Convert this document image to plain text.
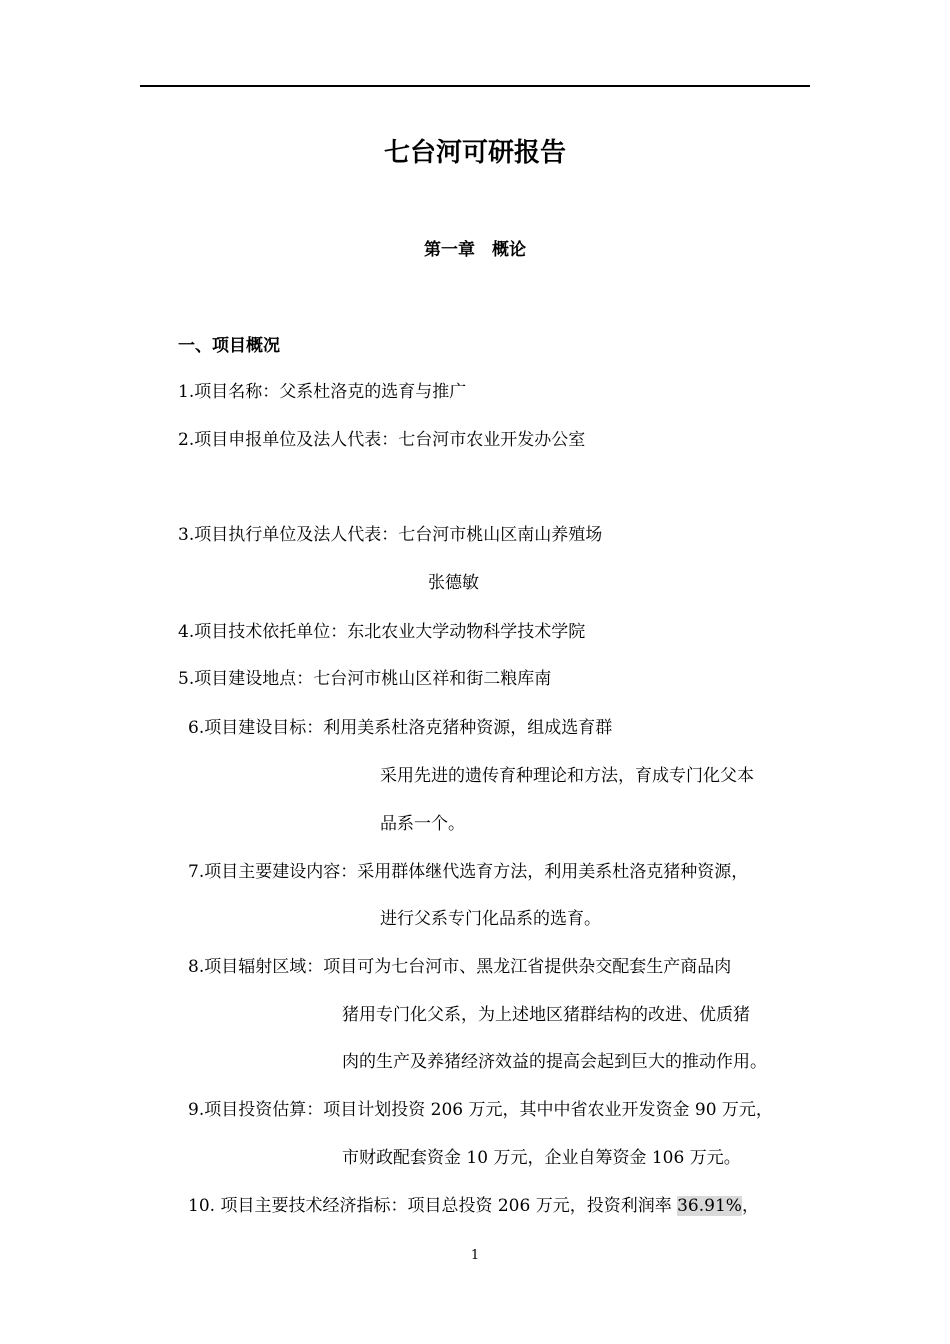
七台河可研报告
第一章　概论
一、项目概况
1.项目名称：父系杜洛克的选育与推广
2.项目申报单位及法人代表：七台河市农业开发办公室
3.项目执行单位及法人代表：七台河市桃山区南山养殖场
张德敏
4.项目技术依托单位：东北农业大学动物科学技术学院
5.项目建设地点：七台河市桃山区祥和街二粮库南
6.项目建设目标：利用美系杜洛克猪种资源，组成选育群
采用先进的遗传育种理论和方法，育成专门化父本
品系一个。
7.项目主要建设内容：采用群体继代选育方法，利用美系杜洛克猪种资源，
进行父系专门化品系的选育。
8.项目辐射区域：项目可为七台河市、黑龙江省提供杂交配套生产商品肉
猪用专门化父系，为上述地区猪群结构的改进、优质猪
肉的生产及养猪经济效益的提高会起到巨大的推动作用。
9.项目投资估算：项目计划投资 206 万元，其中中省农业开发资金 90 万元，
市财政配套资金 10 万元，企业自筹资金 106 万元。
10. 项目主要技术经济指标：项目总投资 206 万元，投资利润率 36.91%，
1
